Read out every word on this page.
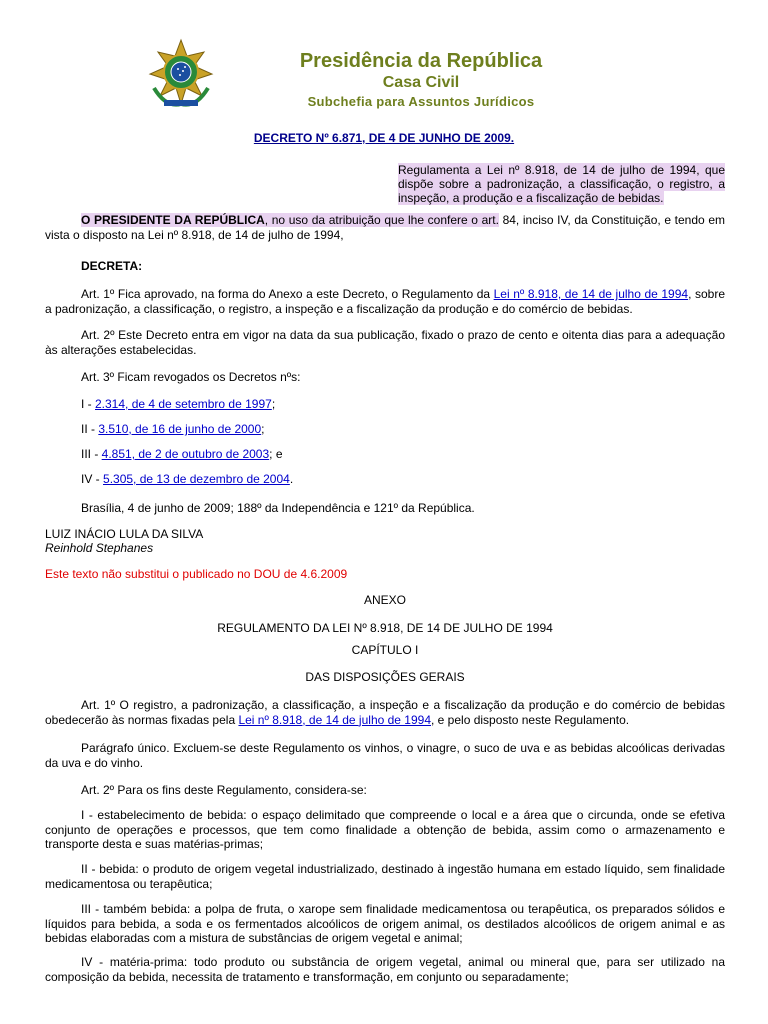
Presidência da República
Casa Civil
Subchefia para Assuntos Jurídicos
DECRETO Nº 6.871, DE 4 DE JUNHO DE 2009.
Regulamenta a Lei nº 8.918, de 14 de julho de 1994, que dispõe sobre a padronização, a classificação, o registro, a inspeção, a produção e a fiscalização de bebidas.
O PRESIDENTE DA REPÚBLICA, no uso da atribuição que lhe confere o art. 84, inciso IV, da Constituição, e tendo em vista o disposto na Lei nº 8.918, de 14 de julho de 1994,
DECRETA:
Art. 1º Fica aprovado, na forma do Anexo a este Decreto, o Regulamento da Lei nº 8.918, de 14 de julho de 1994, sobre a padronização, a classificação, o registro, a inspeção e a fiscalização da produção e do comércio de bebidas.
Art. 2º Este Decreto entra em vigor na data da sua publicação, fixado o prazo de cento e oitenta dias para a adequação às alterações estabelecidas.
Art. 3º Ficam revogados os Decretos nºs:
I - 2.314, de 4 de setembro de 1997;
II - 3.510, de 16 de junho de 2000;
III - 4.851, de 2 de outubro de 2003; e
IV - 5.305, de 13 de dezembro de 2004.
Brasília, 4 de junho de 2009; 188º da Independência e 121º da República.
LUIZ INÁCIO LULA DA SILVA
Reinhold Stephanes
Este texto não substitui o publicado no DOU de 4.6.2009
ANEXO
REGULAMENTO DA LEI Nº 8.918, DE 14 DE JULHO DE 1994
CAPÍTULO I
DAS DISPOSIÇÕES GERAIS
Art. 1º O registro, a padronização, a classificação, a inspeção e a fiscalização da produção e do comércio de bebidas obedecerão às normas fixadas pela Lei nº 8.918, de 14 de julho de 1994, e pelo disposto neste Regulamento.
Parágrafo único. Excluem-se deste Regulamento os vinhos, o vinagre, o suco de uva e as bebidas alcoólicas derivadas da uva e do vinho.
Art. 2º Para os fins deste Regulamento, considera-se:
I - estabelecimento de bebida: o espaço delimitado que compreende o local e a área que o circunda, onde se efetiva conjunto de operações e processos, que tem como finalidade a obtenção de bebida, assim como o armazenamento e transporte desta e suas matérias-primas;
II - bebida: o produto de origem vegetal industrializado, destinado à ingestão humana em estado líquido, sem finalidade medicamentosa ou terapêutica;
III - também bebida: a polpa de fruta, o xarope sem finalidade medicamentosa ou terapêutica, os preparados sólidos e líquidos para bebida, a soda e os fermentados alcoólicos de origem animal, os destilados alcoólicos de origem animal e as bebidas elaboradas com a mistura de substâncias de origem vegetal e animal;
IV - matéria-prima: todo produto ou substância de origem vegetal, animal ou mineral que, para ser utilizado na composição da bebida, necessita de tratamento e transformação, em conjunto ou separadamente;
